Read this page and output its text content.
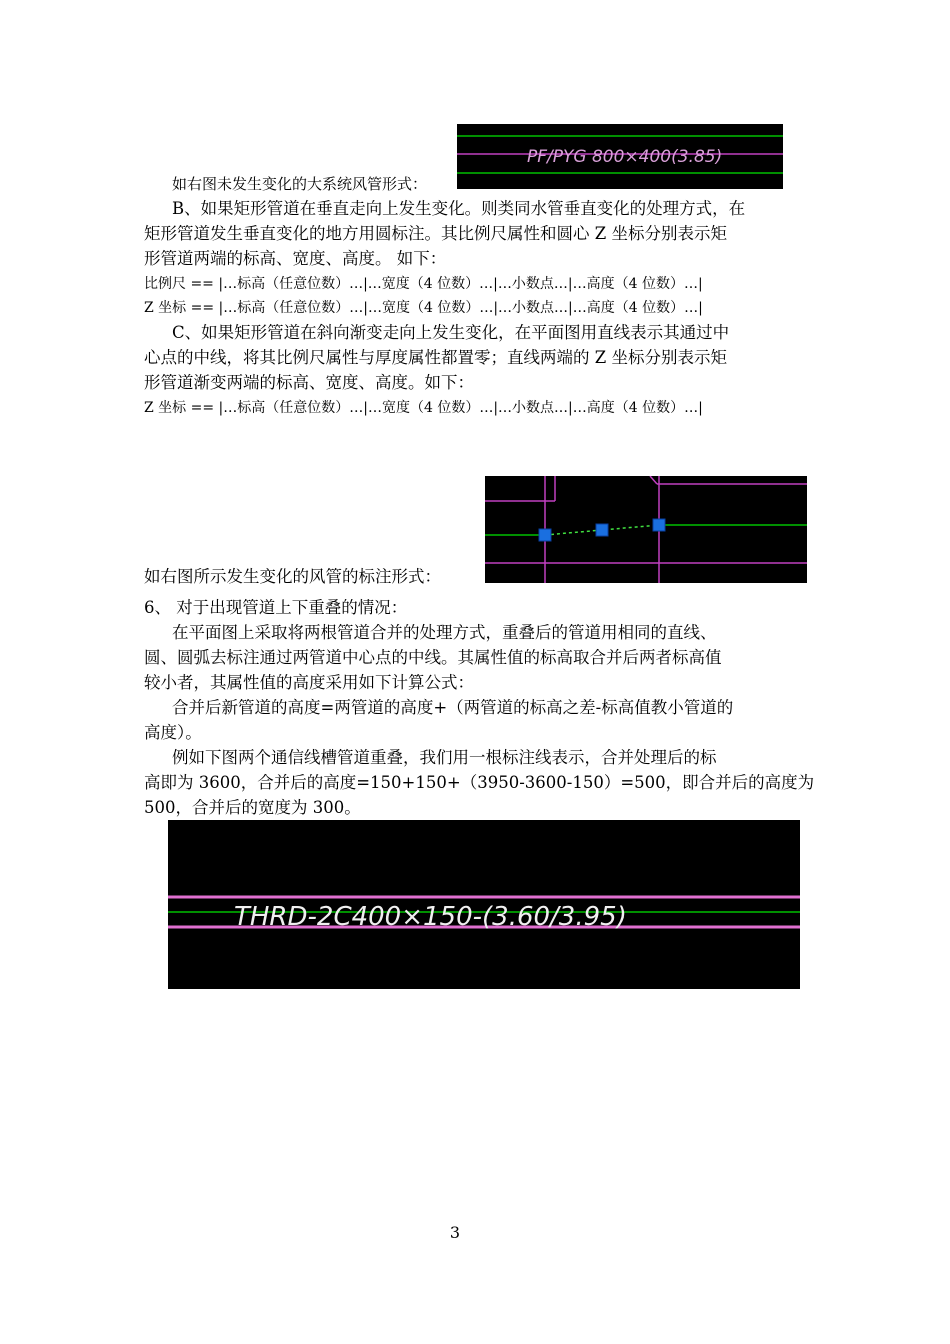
PF/PYG 800×400(3.85)
如右图未发生变化的大系统风管形式：
B、如果矩形管道在垂直走向上发生变化。则类同水管垂直变化的处理方式，在
矩形管道发生垂直变化的地方用圆标注。其比例尺属性和圆心 Z 坐标分别表示矩
形管道两端的标高、宽度、高度。 如下：
比例尺 == |…标高（任意位数）…|…宽度（4 位数）…|…小数点…|…高度（4 位数）…|
Z 坐标 == |…标高（任意位数）…|…宽度（4 位数）…|…小数点…|…高度（4 位数）…|
C、如果矩形管道在斜向渐变走向上发生变化，在平面图用直线表示其通过中
心点的中线，将其比例尺属性与厚度属性都置零；直线两端的 Z 坐标分别表示矩
形管道渐变两端的标高、宽度、高度。如下：
Z 坐标 == |…标高（任意位数）…|…宽度（4 位数）…|…小数点…|…高度（4 位数）…|
如右图所示发生变化的风管的标注形式：
6、 对于出现管道上下重叠的情况：
在平面图上采取将两根管道合并的处理方式，重叠后的管道用相同的直线、
圆、圆弧去标注通过两管道中心点的中线。其属性值的标高取合并后两者标高值
较小者，其属性值的高度采用如下计算公式：
合并后新管道的高度=两管道的高度+（两管道的标高之差-标高值教小管道的
高度）。
例如下图两个通信线槽管道重叠，我们用一根标注线表示，合并处理后的标
高即为 3600，合并后的高度=150+150+（3950-3600-150）=500，即合并后的高度为
500，合并后的宽度为 300。
THRD-2C400×150-(3.60/3.95)
3
